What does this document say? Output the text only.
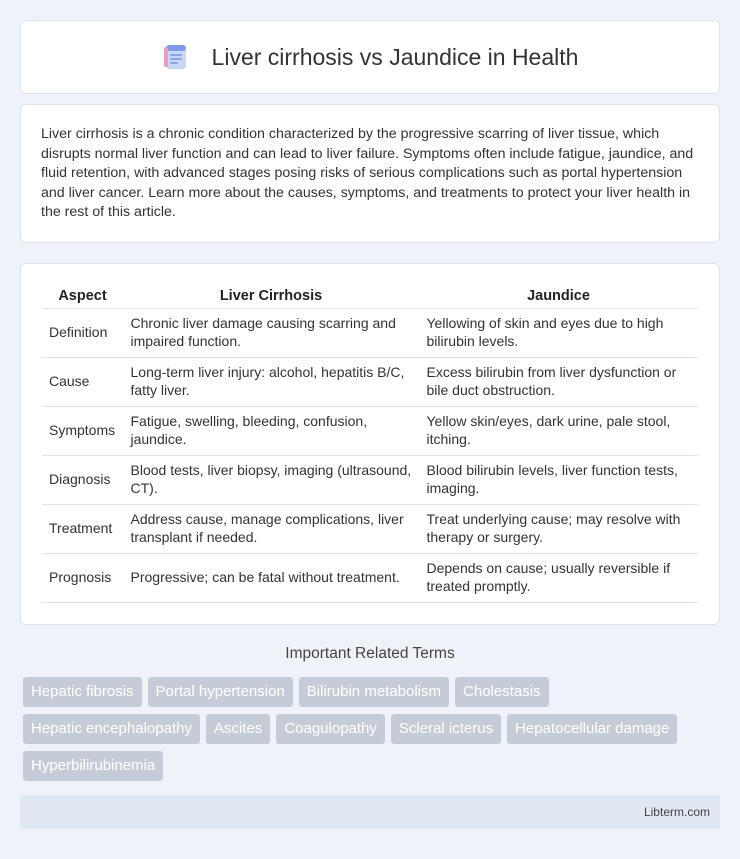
Liver cirrhosis vs Jaundice in Health

Liver cirrhosis is a chronic condition characterized by the progressive scarring of liver tissue, which disrupts normal liver function and can lead to liver failure. Symptoms often include fatigue, jaundice, and fluid retention, with advanced stages posing risks of serious complications such as portal hypertension and liver cancer. Learn more about the causes, symptoms, and treatments to protect your liver health in the rest of this article.

Aspect	Liver Cirrhosis	Jaundice
Definition	Chronic liver damage causing scarring and impaired function.	Yellowing of skin and eyes due to high bilirubin levels.
Cause	Long-term liver injury: alcohol, hepatitis B/C, fatty liver.	Excess bilirubin from liver dysfunction or bile duct obstruction.
Symptoms	Fatigue, swelling, bleeding, confusion, jaundice.	Yellow skin/eyes, dark urine, pale stool, itching.
Diagnosis	Blood tests, liver biopsy, imaging (ultrasound, CT).	Blood bilirubin levels, liver function tests, imaging.
Treatment	Address cause, manage complications, liver transplant if needed.	Treat underlying cause; may resolve with therapy or surgery.
Prognosis	Progressive; can be fatal without treatment.	Depends on cause; usually reversible if treated promptly.
Important Related Terms
Hepatic fibrosis	Portal hypertension	Bilirubin metabolism	Cholestasis
Hepatic encephalopathy	Ascites	Coagulopathy	Scleral icterus	Hepatocellular damage
Hyperbilirubinemia
Libterm.com
